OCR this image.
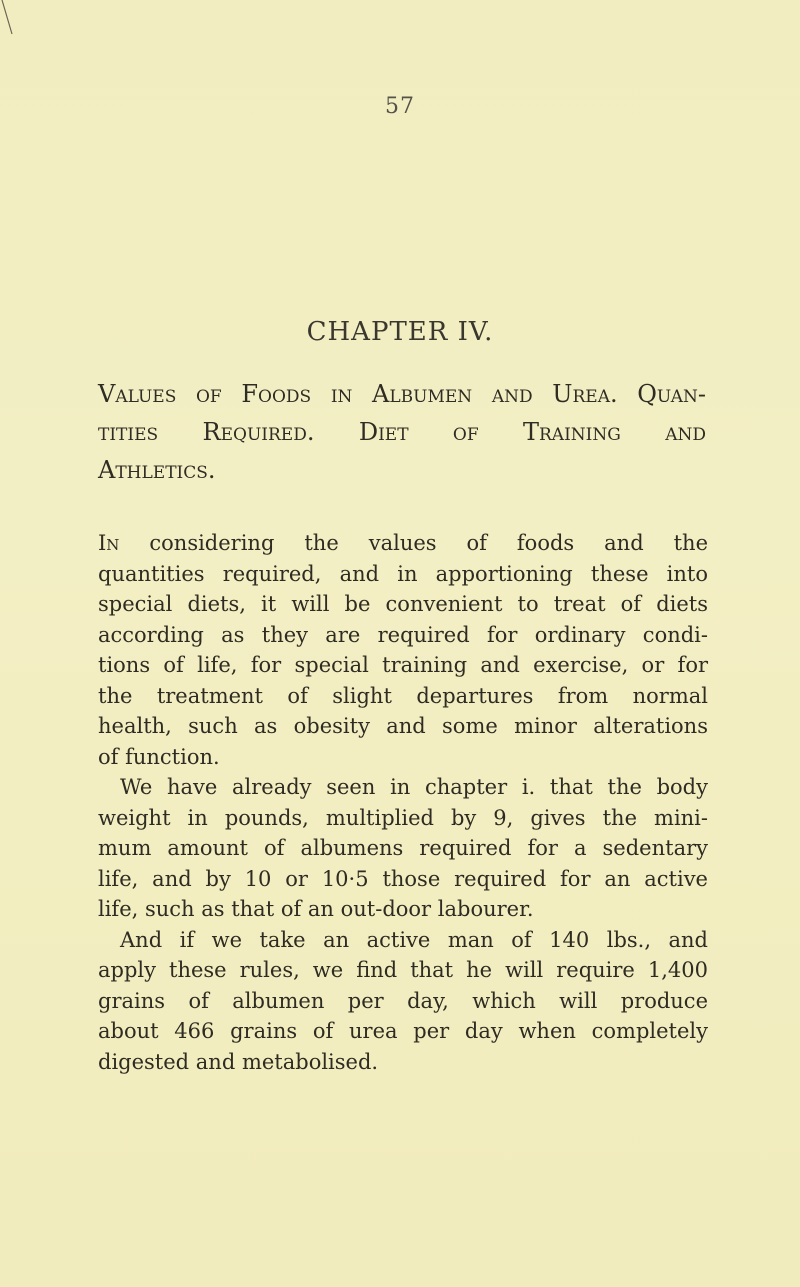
57
CHAPTER IV.
Values of Foods in Albumen and Urea. Quan-
tities Required. Diet of Training and
Athletics.
In considering the values of foods and the
quantities required, and in apportioning these into
special diets, it will be convenient to treat of diets
according as they are required for ordinary condi-
tions of life, for special training and exercise, or for
the treatment of slight departures from normal
health, such as obesity and some minor alterations
of function.
We have already seen in chapter i. that the body
weight in pounds, multiplied by 9, gives the mini-
mum amount of albumens required for a sedentary
life, and by 10 or 10·5 those required for an active
life, such as that of an out-door labourer.
And if we take an active man of 140 lbs., and
apply these rules, we find that he will require 1,400
grains of albumen per day, which will produce
about 466 grains of urea per day when completely
digested and metabolised.
